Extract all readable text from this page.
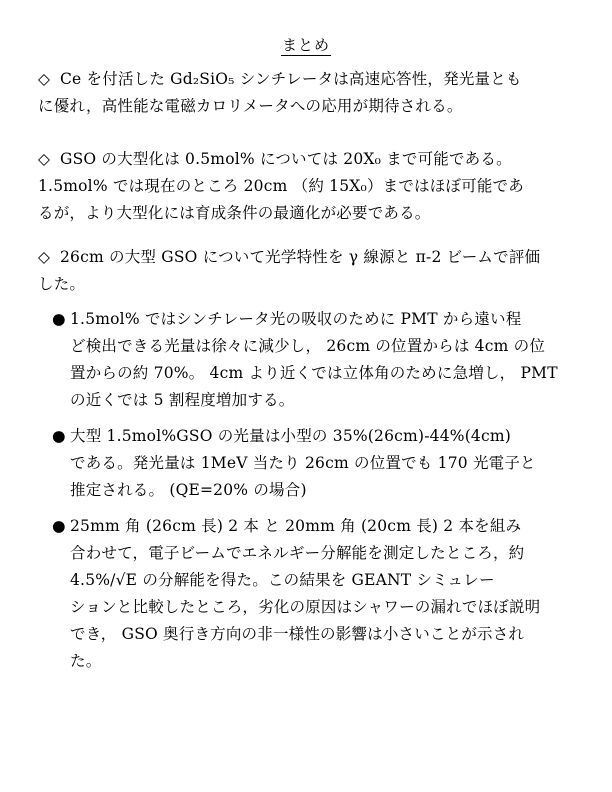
まとめ
◇ Ce を付活した Gd₂SiO₅ シンチレータは高速応答性，発光量とも
に優れ，高性能な電磁カロリメータへの応用が期待される。
◇ GSO の大型化は 0.5mol% については 20X₀ まで可能である。
1.5mol% では現在のところ 20cm （約 15X₀）まではほぼ可能であ
るが，より大型化には育成条件の最適化が必要である。
◇ 26cm の大型 GSO について光学特性を γ 線源と π-2 ビームで評価
した。
● 1.5mol% ではシンチレータ光の吸収のために PMT から遠い程
ど検出できる光量は徐々に減少し， 26cm の位置からは 4cm の位
置からの約 70%。 4cm より近くでは立体角のために急増し， PMT
の近くでは 5 割程度増加する。
● 大型 1.5mol%GSO の光量は小型の 35%(26cm)-44%(4cm)
である。発光量は 1MeV 当たり 26cm の位置でも 170 光電子と
推定される。 (QE=20% の場合)
● 25mm 角 (26cm 長) 2 本 と 20mm 角 (20cm 長) 2 本を組み
合わせて，電子ビームでエネルギー分解能を測定したところ，約
4.5%/√E の分解能を得た。この結果を GEANT シミュレー
ションと比較したところ，劣化の原因はシャワーの漏れでほぼ説明
でき， GSO 奥行き方向の非一様性の影響は小さいことが示され
た。
